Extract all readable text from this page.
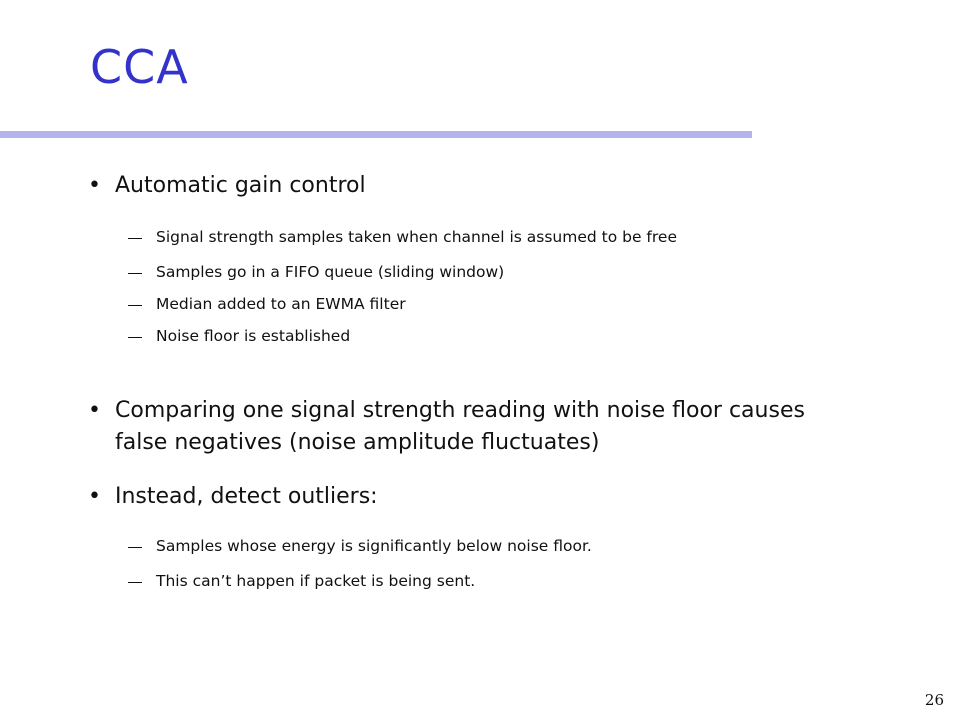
CCA
• Automatic gain control
Signal strength samples taken when channel is assumed to be free
Samples go in a FIFO queue (sliding window)
Median added to an EWMA filter
Noise floor is established
• Comparing one signal strength reading with noise floor causes false negatives (noise amplitude fluctuates)
• Instead, detect outliers:
Samples whose energy is significantly below noise floor.
This can’t happen if packet is being sent.
26
